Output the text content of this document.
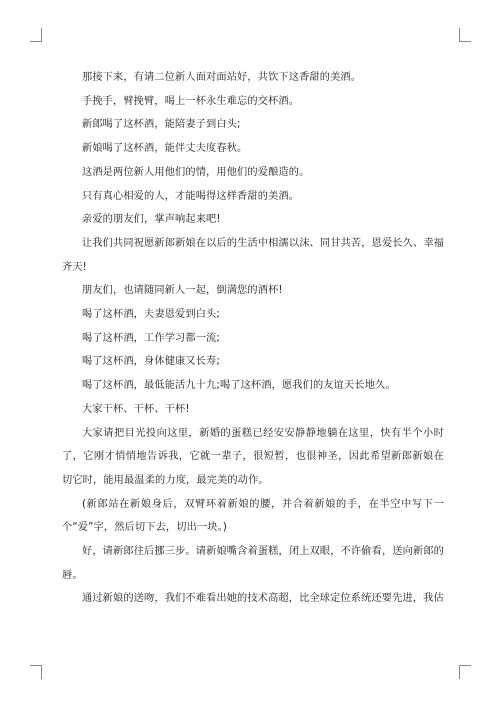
那接下来，有请二位新人面对面站好，共饮下这香甜的美酒。

手挽手，臂挽臂，喝上一杯永生难忘的交杯酒。

新郎喝了这杯酒，能陪妻子到白头;

新娘喝了这杯酒，能伴丈夫度春秋。

这酒是两位新人用他们的情，用他们的爱酿造的。

只有真心相爱的人，才能喝得这样香甜的美酒。

亲爱的朋友们，掌声响起来吧!

让我们共同祝愿新郎新娘在以后的生活中相濡以沫、同甘共苦，恩爱长久、幸福齐天!

朋友们，也请随同新人一起，倒满您的酒杯!

喝了这杯酒，夫妻恩爱到白头;

喝了这杯酒，工作学习都一流;

喝了这杯酒，身体健康又长寿;

喝了这杯酒，最低能活九十九;喝了这杯酒，愿我们的友谊天长地久。

大家干杯、干杯、干杯!

大家请把目光投向这里，新婚的蛋糕已经安安静静地躺在这里，快有半个小时了，它刚才悄悄地告诉我，它就一辈子，很短暂，也很神圣，因此希望新郎新娘在切它时，能用最温柔的力度，最完美的动作。

(新郎站在新娘身后，双臂环着新娘的腰，并合着新娘的手，在半空中写下一个“爱”字，然后切下去，切出一块。)

好，请新郎往后挪三步。请新娘嘴含着蛋糕，闭上双眼，不许偷看，送向新郎的唇。

通过新娘的送吻，我们不难看出她的技术高超，比全球定位系统还要先进，我估
